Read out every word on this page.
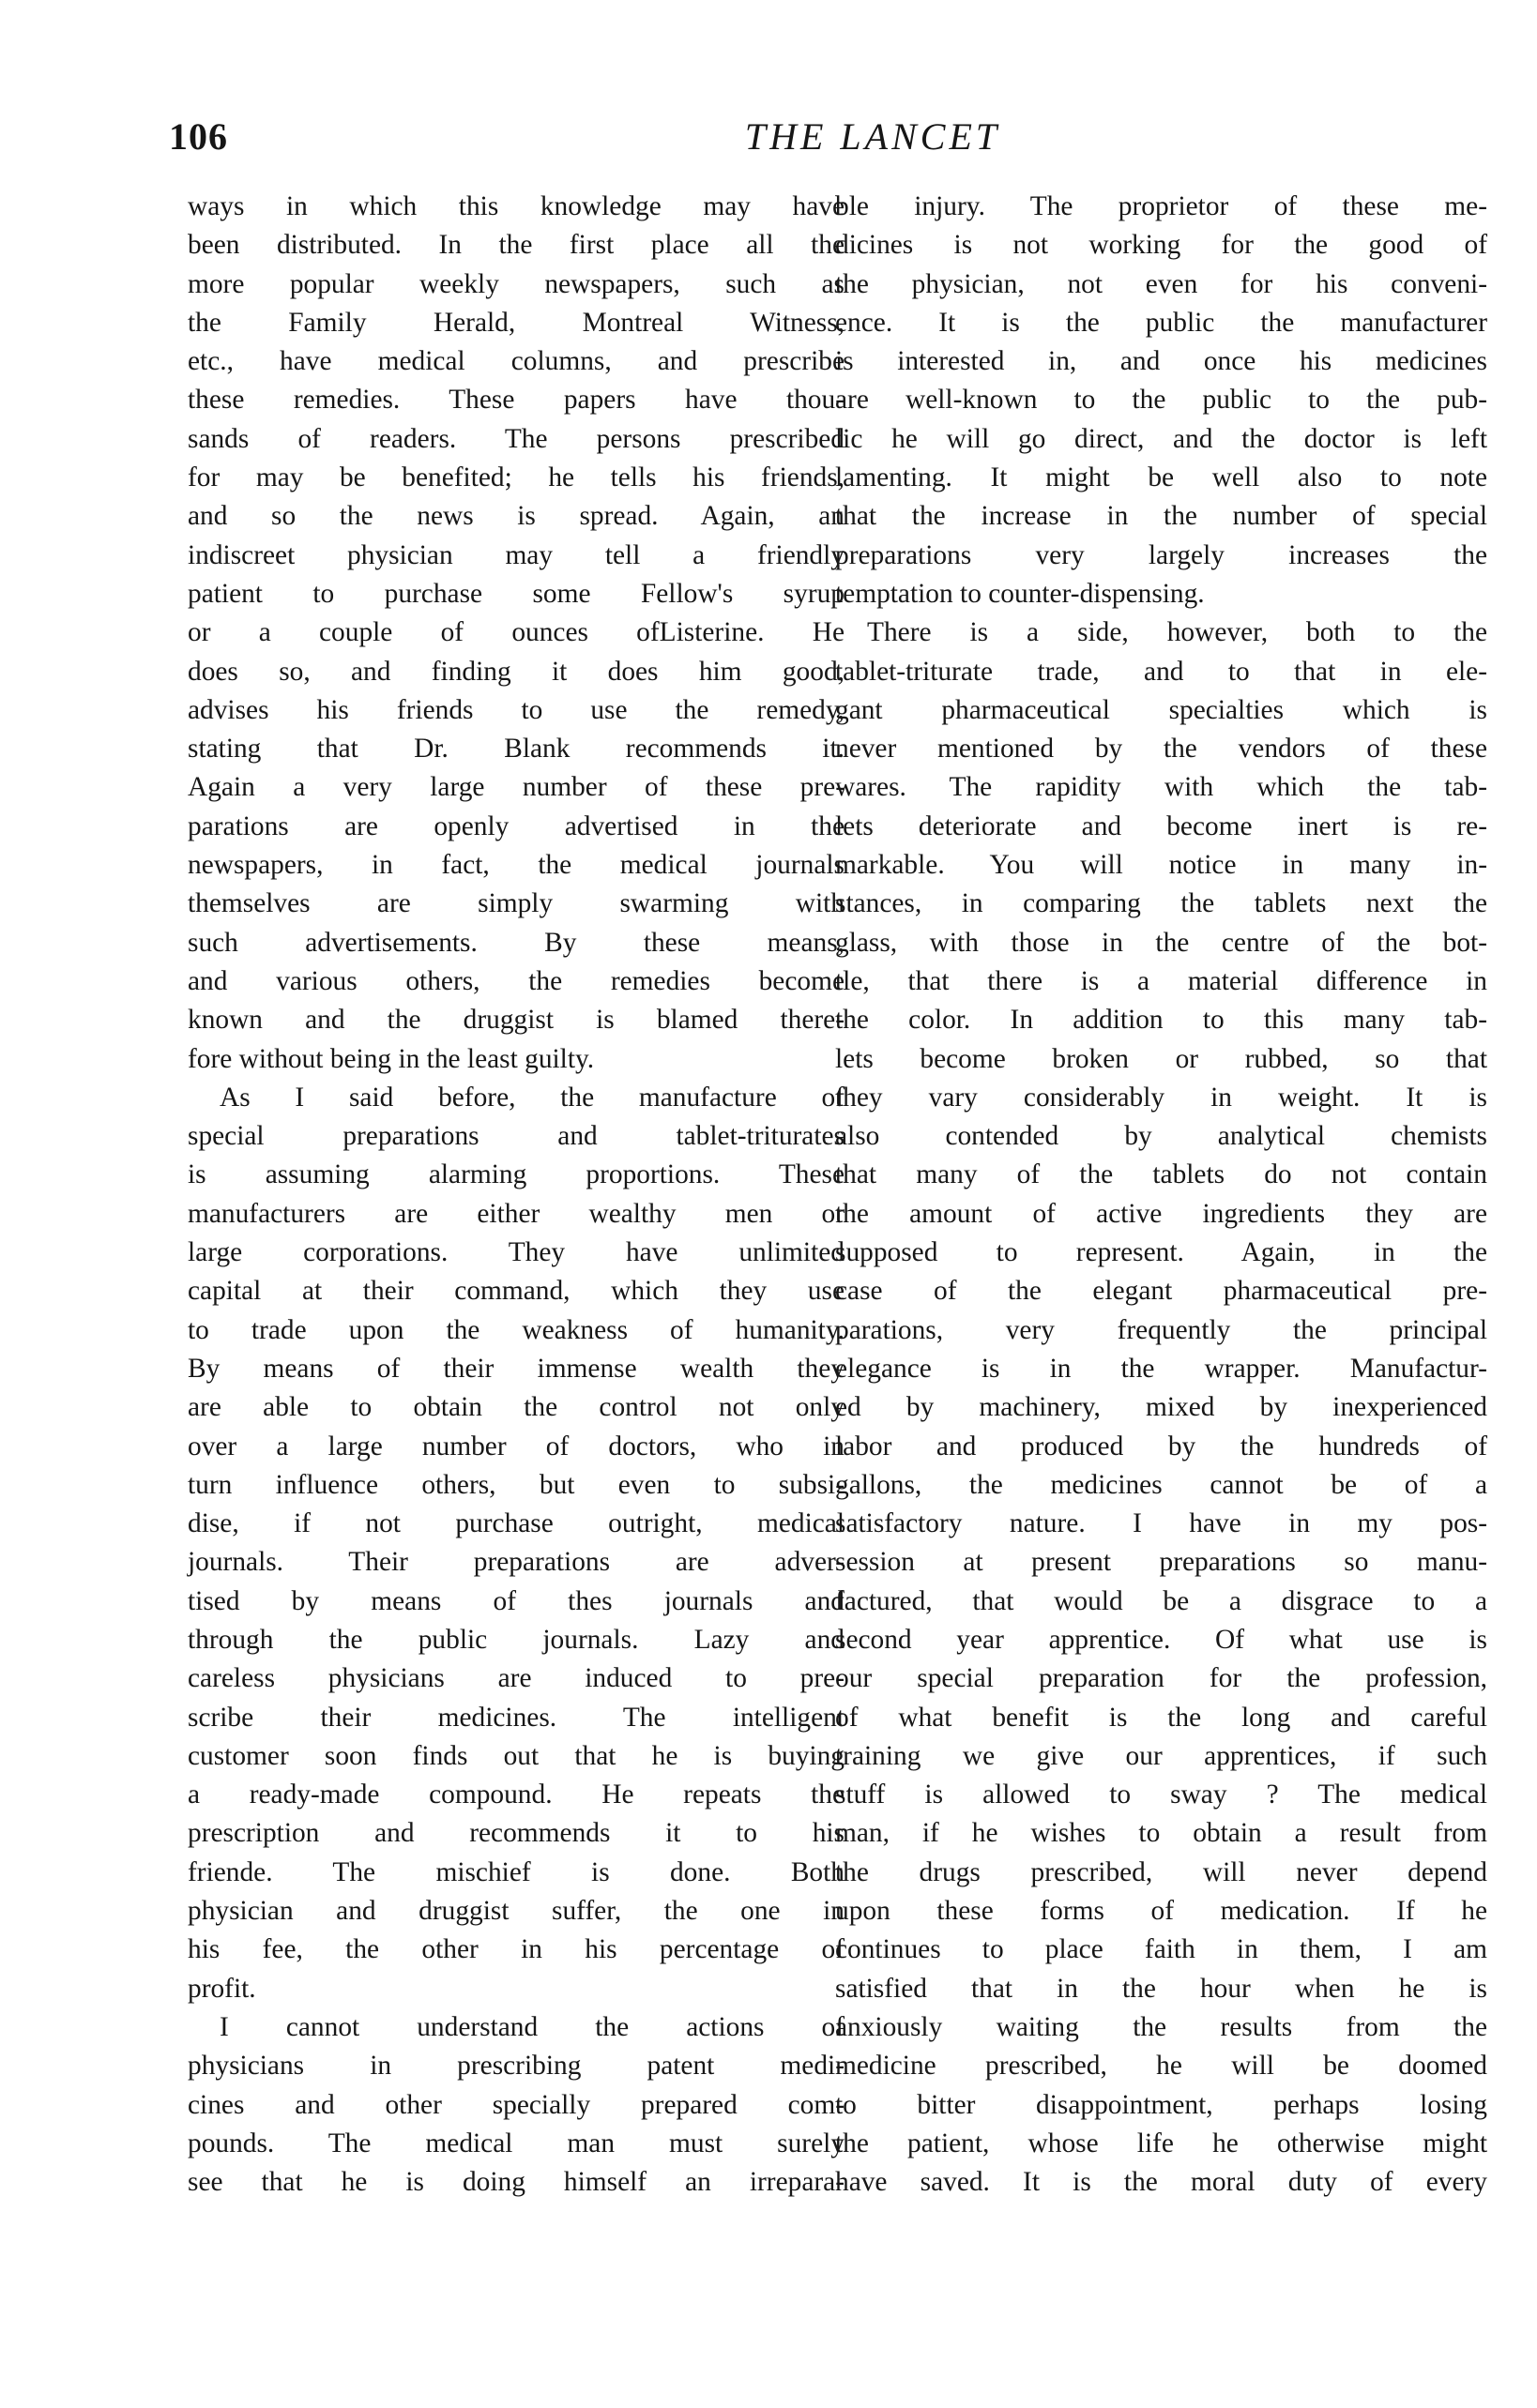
106	THE LANCET
ways in which this knowledge may have
been distributed. In the first place all the
more popular weekly newspapers, such as
the Family Herald, Montreal Witness,
etc., have medical columns, and prescribe
these remedies. These papers have thou-
sands of readers. The persons prescribed
for may be benefited; he tells his friends,
and so the news is spread. Again, an
indiscreet physician may tell a friendly
patient to purchase some Fellow's syrup
or a couple of ounces ofListerine. He
does so, and finding it does him good,
advises his friends to use the remedy,
stating that Dr. Blank recommends it.
Again a very large number of these pre-
parations are openly advertised in the
newspapers, in fact, the medical journals
themselves are simply swarming with
such advertisements. By these means,
and various others, the remedies become
known and the druggist is blamed there-
fore without being in the least guilty.
As I said before, the manufacture of
special preparations and tablet-triturates
is assuming alarming proportions. These
manufacturers are either wealthy men or
large corporations. They have unlimited
capital at their command, which they use
to trade upon the weakness of humanity.
By means of their immense wealth they
are able to obtain the control not only
over a large number of doctors, who in
turn influence others, but even to subsi-
dise, if not purchase outright, medical
journals. Their preparations are adver-
tised by means of thes journals and
through the public journals. Lazy and
careless physicians are induced to pre-
scribe their medicines. The intelligent
customer soon finds out that he is buying
a ready-made compound. He repeats the
prescription and recommends it to his
friende. The mischief is done. Both
physician and druggist suffer, the one in
his fee, the other in his percentage of
profit.
I cannot understand the actions of
physicians in prescribing patent medi-
cines and other specially prepared com-
pounds. The medical man must surely
see that he is doing himself an irrepara-
ble injury. The proprietor of these me-
dicines is not working for the good of
the physician, not even for his conveni-
ence. It is the public the manufacturer
is interested in, and once his medicines
are well-known to the public to the pub-
lic he will go direct, and the doctor is left
lamenting. It might be well also to note
that the increase in the number of special
preparations very largely increases the
temptation to counter-dispensing.
There is a side, however, both to the
tablet-triturate trade, and to that in ele-
gant pharmaceutical specialties which is
never mentioned by the vendors of these
wares. The rapidity with which the tab-
lets deteriorate and become inert is re-
markable. You will notice in many in-
stances, in comparing the tablets next the
glass, with those in the centre of the bot-
tle, that there is a material difference in
the color. In addition to this many tab-
lets become broken or rubbed, so that
they vary considerably in weight. It is
also contended by analytical chemists
that many of the tablets do not contain
the amount of active ingredients they are
supposed to represent. Again, in the
case of the elegant pharmaceutical pre-
parations, very frequently the principal
elegance is in the wrapper. Manufactur-
ed by machinery, mixed by inexperienced
labor and produced by the hundreds of
gallons, the medicines cannot be of a
satisfactory nature. I have in my pos-
session at present preparations so manu-
factured, that would be a disgrace to a
second year apprentice. Of what use is
our special preparation for the profession,
of what benefit is the long and careful
training we give our apprentices, if such
stuff is allowed to sway ? The medical
man, if he wishes to obtain a result from
the drugs prescribed, will never depend
upon these forms of medication. If he
continues to place faith in them, I am
satisfied that in the hour when he is
anxiously waiting the results from the
medicine prescribed, he will be doomed
to bitter disappointment, perhaps losing
the patient, whose life he otherwise might
have saved. It is the moral duty of every
